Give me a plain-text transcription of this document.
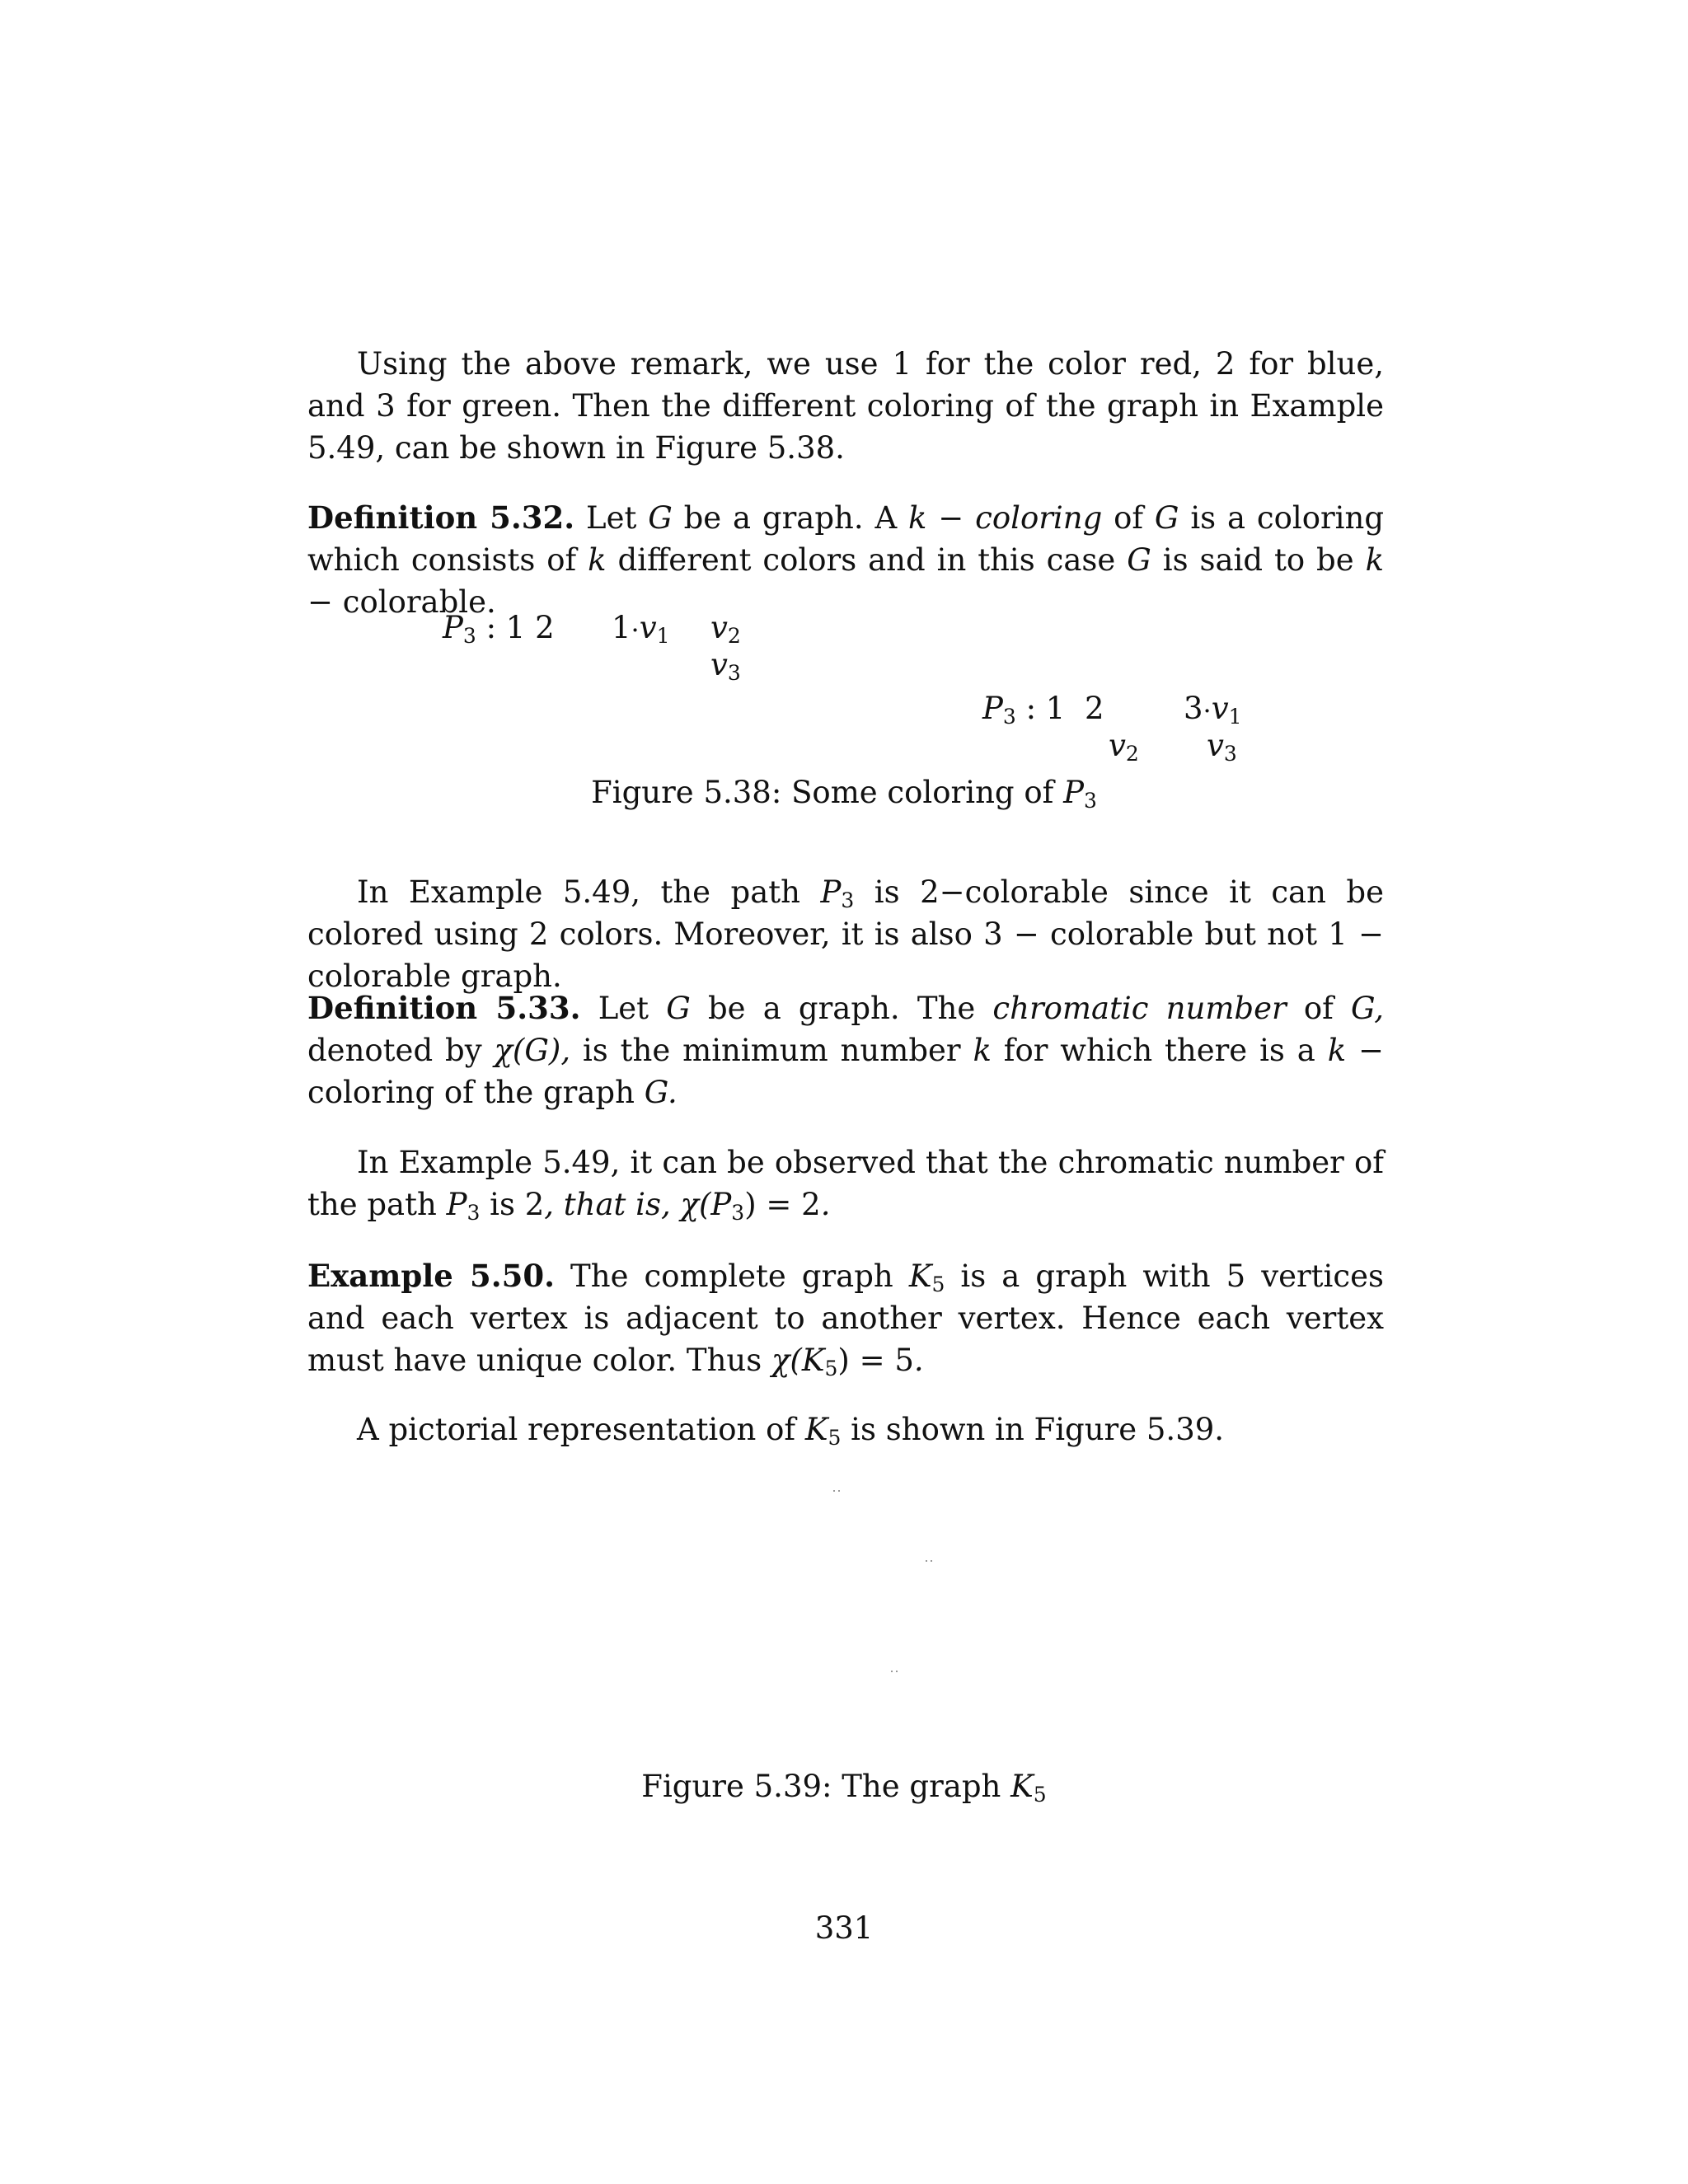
Using the above remark, we use 1 for the color red, 2 for blue, and 3 for green. Then the different coloring of the graph in Example 5.49, can be shown in Figure 5.38.

Definition 5.32. Let G be a graph. A k − coloring of G is a coloring which consists of k different colors and in this case G is said to be k − colorable.

$P_3$ : 1 2 $1\cdot v_1$ $v_2$
$v_3$
$P_3$ : 1 2	$3\cdot v_1$
$v_2$ $v_3$

Figure 5.38: Some coloring of $P_3$

In Example 5.49, the path $P_3$ is 2−colorable since it can be colored using 2 colors. Moreover, it is also 3 − colorable but not 1 − colorable graph.

Definition 5.33. Let G be a graph. The chromatic number of G, denoted by χ(G), is the minimum number k for which there is a k − coloring of the graph G.

In Example 5.49, it can be observed that the chromatic number of the path $P_3$ is 2, that is, $\chi(P_3) = 2$.

Example 5.50. The complete graph $K_5$ is a graph with 5 vertices and each vertex is adjacent to another vertex. Hence each vertex must have unique color. Thus $\chi(K_5) = 5$.

A pictorial representation of $K_5$ is shown in Figure 5.39.

Figure 5.39: The graph $K_5$

331
